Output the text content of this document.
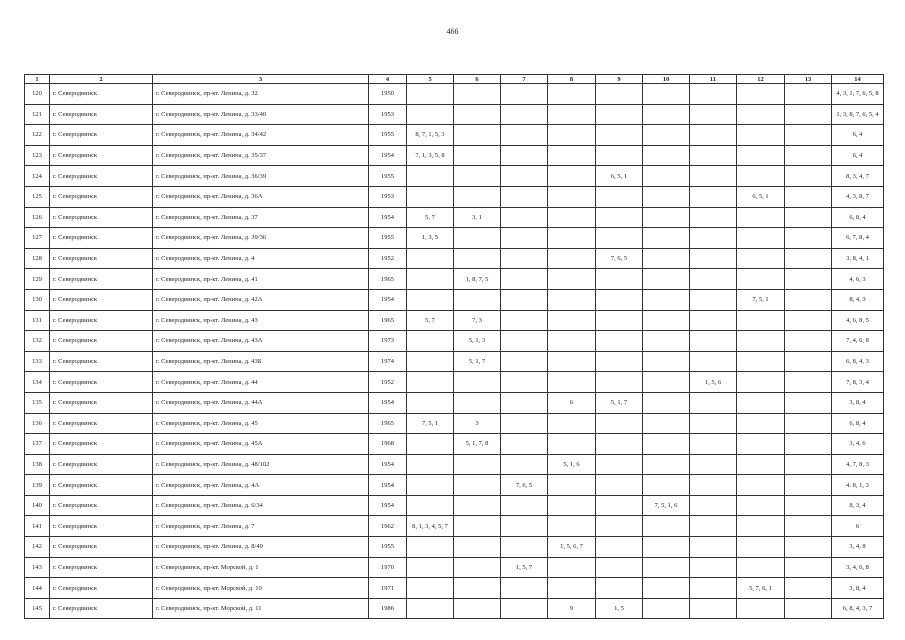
466
1	2	3	4	5	6	7	8	9	10	11	12	13	14
120	г. Северодвинск	г. Северодвинск, пр-кт. Ленина, д. 32	1950										4, 3, 1, 7, 6, 5, 8
121	г. Северодвинск	г. Северодвинск, пр-кт. Ленина, д. 33/40	1953										1, 3, 8, 7, 6, 5, 4
122	г. Северодвинск	г. Северодвинск, пр-кт. Ленина, д. 34/42	1955	8, 7, 1, 5, 3									6, 4
123	г. Северодвинск	г. Северодвинск, пр-кт. Ленина, д. 35/37	1954	7, 1, 3, 5, 8									6, 4
124	г. Северодвинск	г. Северодвинск, пр-кт. Ленина, д. 36/39	1955					6, 5, 1					8, 3, 4, 7
125	г. Северодвинск	г. Северодвинск, пр-кт. Ленина, д. 36А	1953								6, 5, 1		4, 3, 8, 7
126	г. Северодвинск	г. Северодвинск, пр-кт. Ленина, д. 37	1954	5, 7	3, 1								6, 8, 4
127	г. Северодвинск	г. Северодвинск, пр-кт. Ленина, д. 39/36	1955	1, 3, 5									6, 7, 8, 4
128	г. Северодвинск	г. Северодвинск, пр-кт. Ленина, д. 4	1952					7, 6, 5					3, 8, 4, 1
129	г. Северодвинск	г. Северодвинск, пр-кт. Ленина, д. 41	1965		1, 8, 7, 5								4, 6, 3
130	г. Северодвинск	г. Северодвинск, пр-кт. Ленина, д. 42А	1954								7, 5, 1		8, 4, 3
131	г. Северодвинск	г. Северодвинск, пр-кт. Ленина, д. 43	1965	5, 7	7, 3								4, 6, 8, 5
132	г. Северодвинск	г. Северодвинск, пр-кт. Ленина, д. 43А	1973		5, 1, 3								7, 4, 6, 8
133	г. Северодвинск	г. Северодвинск, пр-кт. Ленина, д. 43Б	1974		5, 1, 7								6, 8, 4, 3
134	г. Северодвинск	г. Северодвинск, пр-кт. Ленина, д. 44	1952							1, 5, 6			7, 8, 3, 4
135	г. Северодвинск	г. Северодвинск, пр-кт. Ленина, д. 44А	1954				6	5, 1, 7					3, 8, 4
136	г. Северодвинск	г. Северодвинск, пр-кт. Ленина, д. 45	1965	7, 5, 1	3								6, 8, 4
137	г. Северодвинск	г. Северодвинск, пр-кт. Ленина, д. 45А	1968		5, 1, 7, 8								3, 4, 6
138	г. Северодвинск	г. Северодвинск, пр-кт. Ленина, д. 48/102	1954				5, 1, 6						4, 7, 8, 3
139	г. Северодвинск	г. Северодвинск, пр-кт. Ленина, д. 4А	1954			7, 6, 5							4. 8, 1, 3
140	г. Северодвинск	г. Северодвинск, пр-кт. Ленина, д. 6/34	1954						7, 5, 1, 6				8, 3, 4
141	г. Северодвинск	г. Северодвинск, пр-кт. Ленина, д. 7	1962	8, 1, 3, 4, 5, 7									6
142	г. Северодвинск	г. Северодвинск, пр-кт. Ленина, д. 8/49	1955				1, 5, 6, 7						3, 4, 8
143	г. Северодвинск	г. Северодвинск, пр-кт. Морской, д. 1	1970			1, 5, 7							3, 4, 6, 8
144	г. Северодвинск	г. Северодвинск, пр-кт. Морской, д. 10	1971								5, 7, 6, 1		3, 8, 4
145	г. Северодвинск	г. Северодвинск, пр-кт. Морской, д. 11	1986				9	1, 5					6, 8, 4, 3, 7
